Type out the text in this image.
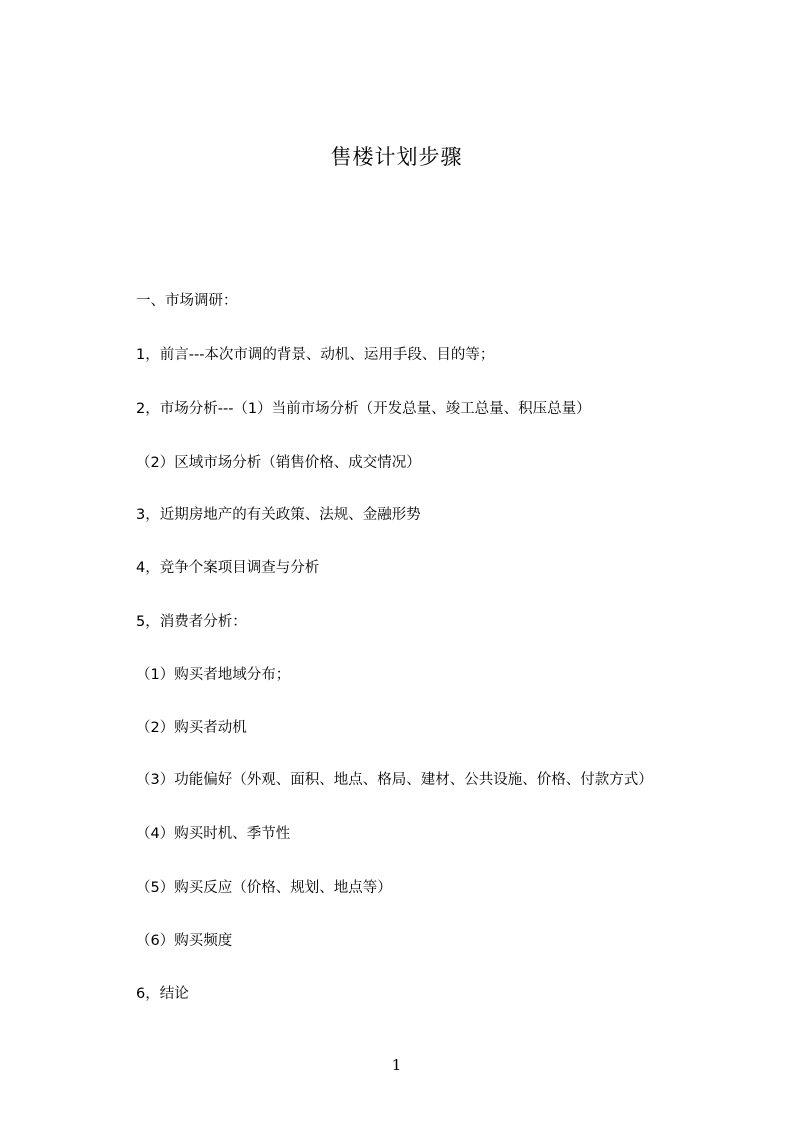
售楼计划步骤
一、市场调研：
1，前言---本次市调的背景、动机、运用手段、目的等；
2，市场分析---（1）当前市场分析（开发总量、竣工总量、积压总量）
（2）区域市场分析（销售价格、成交情况）
3，近期房地产的有关政策、法规、金融形势
4，竞争个案项目调查与分析
5，消费者分析：
（1）购买者地域分布；
（2）购买者动机
（3）功能偏好（外观、面积、地点、格局、建材、公共设施、价格、付款方式）
（4）购买时机、季节性
（5）购买反应（价格、规划、地点等）
（6）购买频度
6，结论
1
